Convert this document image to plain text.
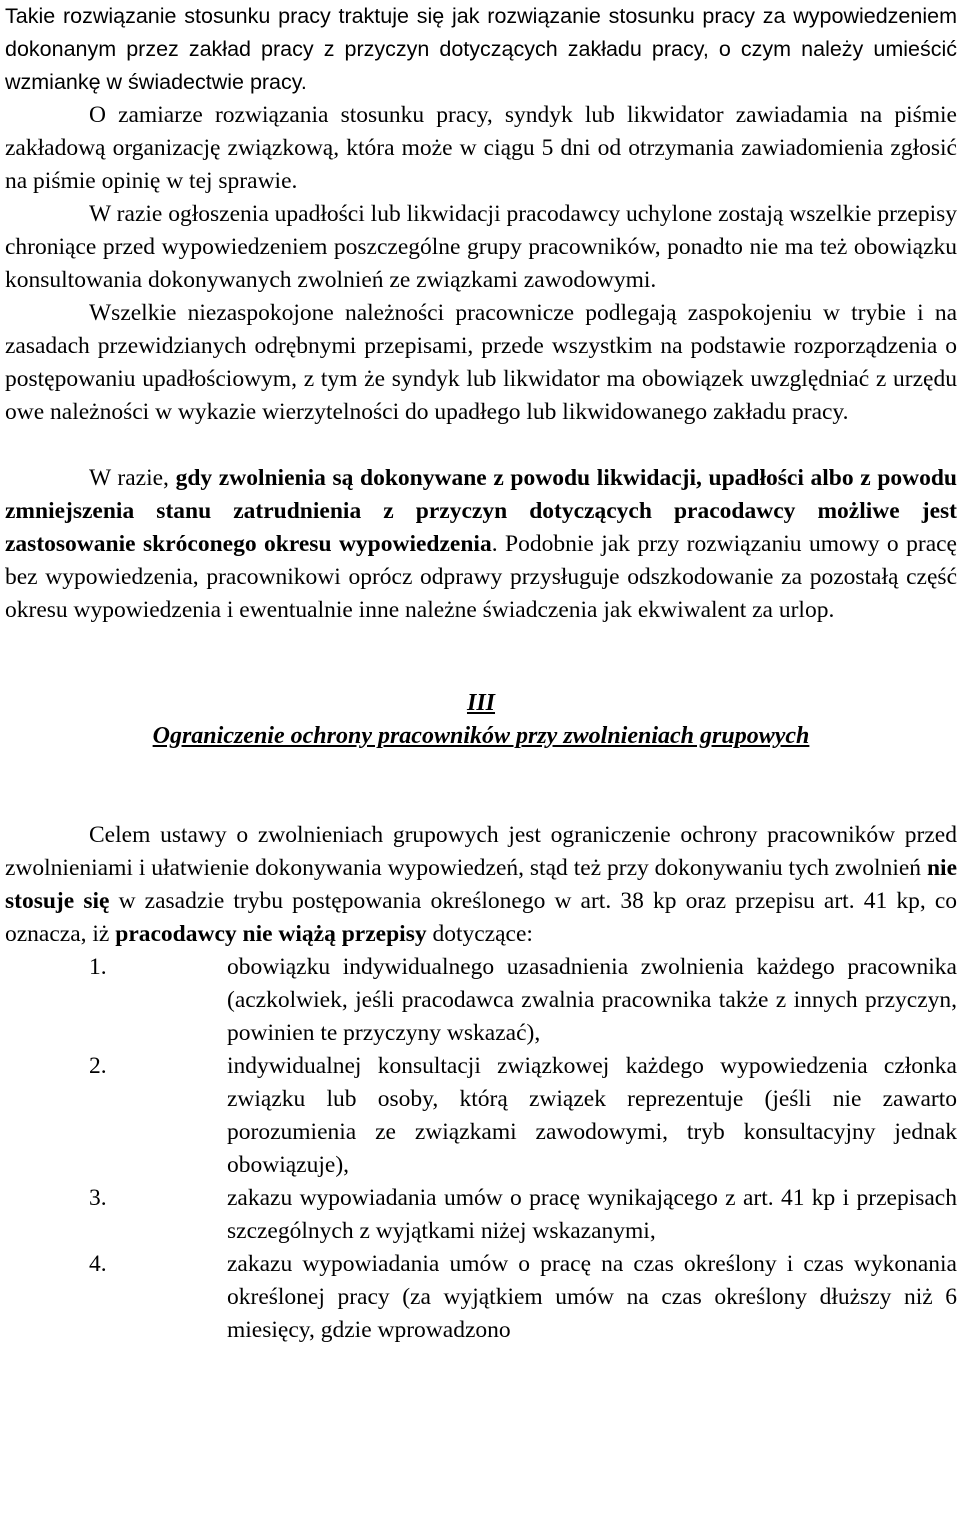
Takie rozwiązanie stosunku pracy traktuje się jak rozwiązanie stosunku pracy za wypowiedzeniem dokonanym przez zakład pracy z przyczyn dotyczących zakładu pracy, o czym należy umieścić wzmiankę w świadectwie pracy.

O zamiarze rozwiązania stosunku pracy, syndyk lub likwidator zawiadamia na piśmie zakładową organizację związkową, która może w ciągu 5 dni od otrzymania zawiadomienia zgłosić na piśmie opinię w tej sprawie.

W razie ogłoszenia upadłości lub likwidacji pracodawcy uchylone zostają wszelkie przepisy chroniące przed wypowiedzeniem poszczególne grupy pracowników, ponadto nie ma też obowiązku konsultowania dokonywanych zwolnień ze związkami zawodowymi.

Wszelkie niezaspokojone należności pracownicze podlegają zaspokojeniu w trybie i na zasadach przewidzianych odrębnymi przepisami, przede wszystkim na podstawie rozporządzenia o postępowaniu upadłościowym, z tym że syndyk lub likwidator ma obowiązek uwzględniać z urzędu owe należności w wykazie wierzytelności do upadłego lub likwidowanego zakładu pracy.

W razie, gdy zwolnienia są dokonywane z powodu likwidacji, upadłości albo z powodu zmniejszenia stanu zatrudnienia z przyczyn dotyczących pracodawcy możliwe jest zastosowanie skróconego okresu wypowiedzenia. Podobnie jak przy rozwiązaniu umowy o pracę bez wypowiedzenia, pracownikowi oprócz odprawy przysługuje odszkodowanie za pozostałą część okresu wypowiedzenia i ewentualnie inne należne świadczenia jak ekwiwalent za urlop.

III

Ograniczenie ochrony pracowników przy zwolnieniach grupowych

Celem ustawy o zwolnieniach grupowych jest ograniczenie ochrony pracowników przed zwolnieniami i ułatwienie dokonywania wypowiedzeń, stąd też przy dokonywaniu tych zwolnień nie stosuje się w zasadzie trybu postępowania określonego w art. 38 kp oraz przepisu art. 41 kp, co oznacza, iż pracodawcy nie wiążą przepisy dotyczące:

1.	obowiązku indywidualnego uzasadnienia zwolnienia każdego pracownika (aczkolwiek, jeśli pracodawca zwalnia pracownika także z innych przyczyn, powinien te przyczyny wskazać),
2.	indywidualnej konsultacji związkowej każdego wypowiedzenia członka związku lub osoby, którą związek reprezentuje (jeśli nie zawarto porozumienia ze związkami zawodowymi, tryb konsultacyjny jednak obowiązuje),
3.	zakazu wypowiadania umów o pracę wynikającego z art. 41 kp i przepisach szczególnych z wyjątkami niżej wskazanymi,
4.	zakazu wypowiadania umów o pracę na czas określony i czas wykonania określonej pracy (za wyjątkiem umów na czas określony dłuższy niż 6 miesięcy, gdzie wprowadzono
